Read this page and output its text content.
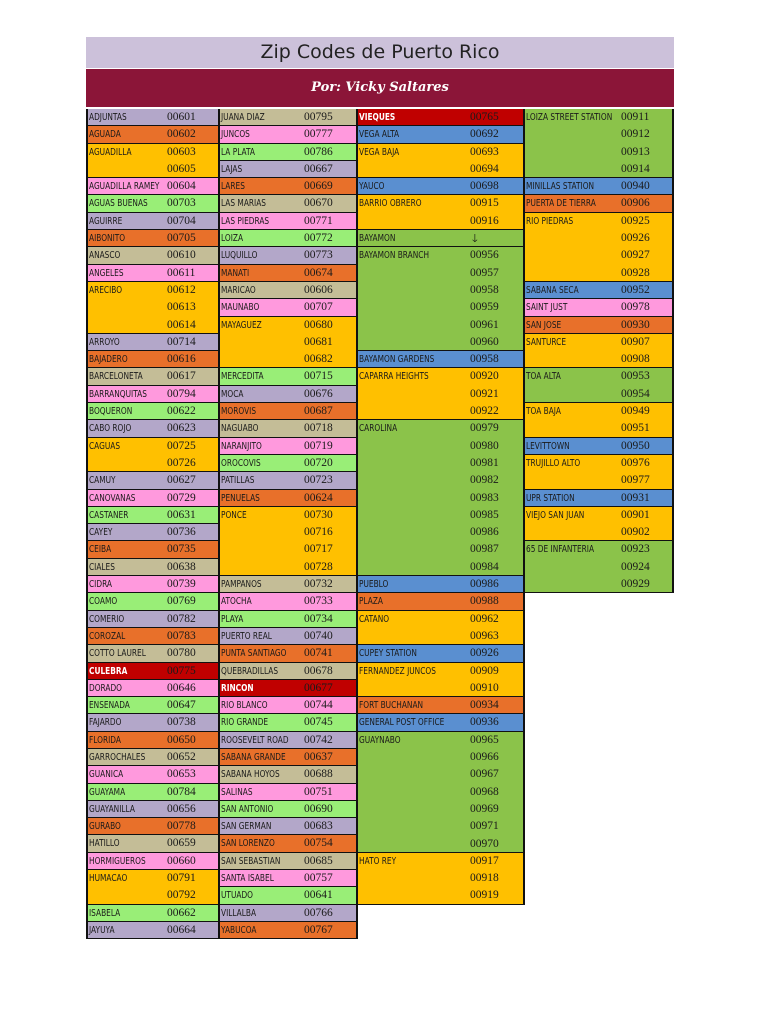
Zip Codes de Puerto Rico
Por: Vicky Saltares
ADJUNTAS	00601
AGUADA	00602
AGUADILLA	00603
00605
AGUADILLA RAMEY 00604
AGUAS BUENAS 00703
AGUIRRE	00704
AIBONITO	00705
AÑASCO	00610
ANGELES	00611
ARECIBO	00612
00613
00614
ARROYO	00714
BAJADERO	00616
BARCELONETA 00617
BARRANQUITAS 00794
BOQUERON	00622
CABO ROJO	00623
CAGUAS	00725
00726
CAMUY	00627
CANOVANAS	00729
CASTAÑER	00631
CAYEY	00736
CEIBA	00735
CIALES	00638
CIDRA	00739
COAMO	00769
COMERIO	00782
COROZAL	00783
COTTO LAUREL 00780
CULEBRA	00775
DORADO	00646
ENSENADA	00647
FAJARDO	00738
FLORIDA	00650
GARROCHALES 00652
GUANICA	00653
GUAYAMA	00784
GUAYANILLA	00656
GURABO	00778
HATILLO	00659
HORMIGUEROS 00660
HUMACAO	00791
00792
ISABELA	00662
JAYUYA	00664
JUANA DIAZ	00795
JUNCOS	00777
LA PLATA	00786
LAJAS	00667
LARES	00669
LAS MARIAS	00670
LAS PIEDRAS	00771
LOIZA	00772
LUQUILLO	00773
MANATI	00674
MARICAO	00606
MAUNABO	00707
MAYAGUEZ	00680
00681
00682
MERCEDITA	00715
MOCA	00676
MOROVIS	00687
NAGUABO	00718
NARANJITO	00719
OROCOVIS	00720
PATILLAS	00723
PEÑUELAS	00624
PONCE	00730
00716
00717
00728
PAMPANOS	00732
ATOCHA	00733
PLAYA	00734
PUERTO REAL	00740
PUNTA SANTIAGO 00741
QUEBRADILLAS 00678
RINCON	00677
RIO BLANCO	00744
RIO GRANDE	00745
ROOSEVELT ROAD 00742
SABANA GRANDE 00637
SABANA HOYOS 00688
SALINAS	00751
SAN ANTONIO	00690
SAN GERMAN	00683
SAN LORENZO	00754
SAN SEBASTIAN 00685
SANTA ISABEL	00757
UTUADO	00641
VILLALBA	00766
YABUCOA	00767
VIEQUES	00765
VEGA ALTA	00692
VEGA BAJA	00693
00694
YAUCO	00698
BARRIO OBRERO	00915
00916
BAYAMON	🡓
BAYAMON BRANCH	00956
00957
00958
00959
00961
00960
BAYAMON GARDENS	00958
CAPARRA HEIGHTS	00920
00921
00922
CAROLINA	00979
00980
00981
00982
00983
00985
00986
00987
00984
PUEBLO	00986
PLAZA	00988
CATAÑO	00962
00963
CUPEY STATION	00926
FERNANDEZ JUNCOS	00909
00910
FORT BUCHANAN	00934
GENERAL POST OFFICE 00936
GUAYNABO	00965
00966
00967
00968
00969
00971
00970
HATO REY	00917
00918
00919
LOIZA STREET STATION 00911
00912
00913
00914
MINILLAS STATION 00940
PUERTA DE TIERRA 00906
RIO PIEDRAS	00925
00926
00927
00928
SABANA SECA	00952
SAINT JUST	00978
SAN JOSE	00930
SANTURCE	00907
00908
TOA ALTA	00953
00954
TOA BAJA	00949
00951
LEVITTOWN	00950
TRUJILLO ALTO	00976
00977
UPR STATION	00931
VIEJO SAN JUAN	00901
00902
65 DE INFANTERIA 00923
00924
00929
